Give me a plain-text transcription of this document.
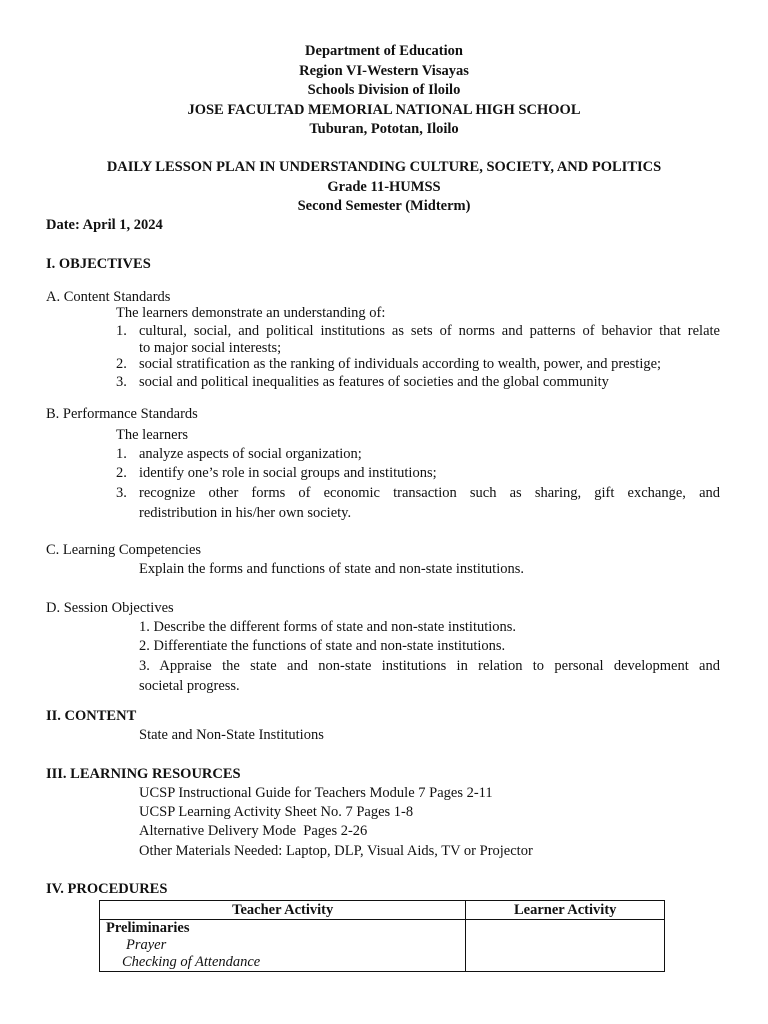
Department of Education
Region VI-Western Visayas
Schools Division of Iloilo
JOSE FACULTAD MEMORIAL NATIONAL HIGH SCHOOL
Tuburan, Pototan, Iloilo
DAILY LESSON PLAN IN UNDERSTANDING CULTURE, SOCIETY, AND POLITICS
Grade 11-HUMSS
Second Semester (Midterm)
Date: April 1, 2024
I. OBJECTIVES
A. Content Standards
The learners demonstrate an understanding of:
1. cultural, social, and political institutions as sets of norms and patterns of behavior that relate
to major social interests;
2. social stratification as the ranking of individuals according to wealth, power, and prestige;
3. social and political inequalities as features of societies and the global community
B. Performance Standards
The learners
1. analyze aspects of social organization;
2. identify one’s role in social groups and institutions;
3. recognize other forms of economic transaction such as sharing, gift exchange, and
redistribution in his/her own society.
C. Learning Competencies
Explain the forms and functions of state and non-state institutions.
D. Session Objectives
1. Describe the different forms of state and non-state institutions.
2. Differentiate the functions of state and non-state institutions.
3. Appraise the state and non-state institutions in relation to personal development and
societal progress.
II. CONTENT
State and Non-State Institutions
III. LEARNING RESOURCES
UCSP Instructional Guide for Teachers Module 7 Pages 2-11
UCSP Learning Activity Sheet No. 7 Pages 1-8
Alternative Delivery Mode  Pages 2-26
Other Materials Needed: Laptop, DLP, Visual Aids, TV or Projector
IV. PROCEDURES
Teacher Activity	Learner Activity

Preliminaries
Prayer
Checking of Attendance	
